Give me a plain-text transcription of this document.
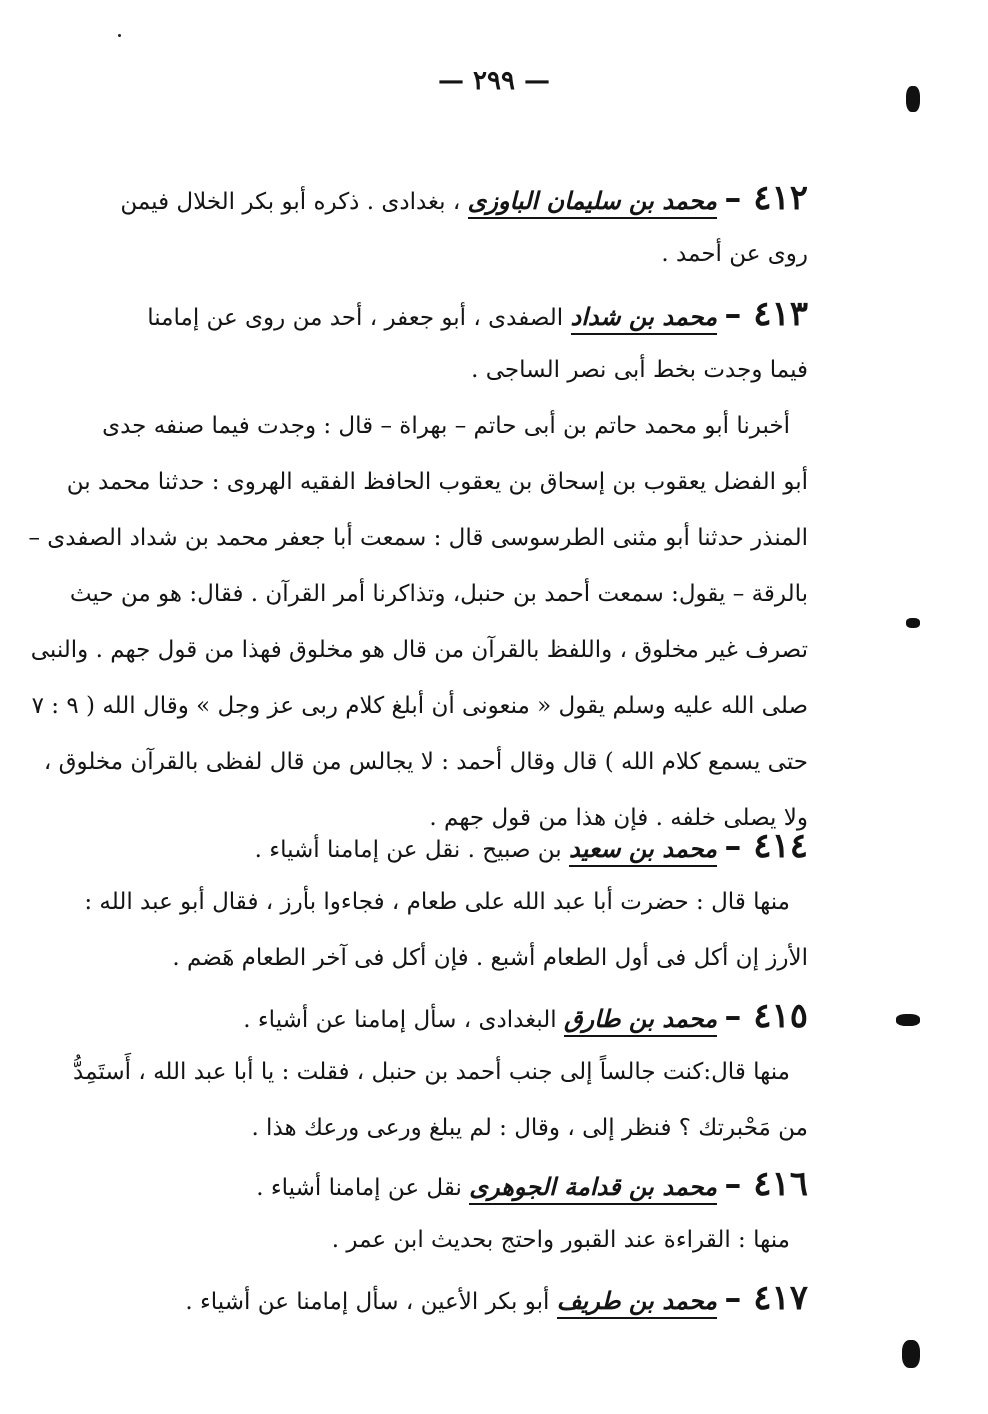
— ٢٩٩ —
٤١٢ – محمد بن سليمان الباوزى ، بغدادى . ذكره أبو بكر الخلال فيمن
روى عن أحمد .
٤١٣ – محمد بن شداد الصفدى ، أبو جعفر ، أحد من روى عن إمامنا
فيما وجدت بخط أبى نصر الساجى .
أخبرنا أبو محمد حاتم بن أبى حاتم – بهراة – قال : وجدت فيما صنفه جدى
أبو الفضل يعقوب بن إسحاق بن يعقوب الحافظ الفقيه الهروى : حدثنا محمد بن
المنذر حدثنا أبو مثنى الطرسوسى قال : سمعت أبا جعفر محمد بن شداد الصفدى –
بالرقة – يقول: سمعت أحمد بن حنبل، وتذاكرنا أمر القرآن . فقال: هو من حيث
تصرف غير مخلوق ، واللفظ بالقرآن من قال هو مخلوق فهذا من قول جهم . والنبى
صلى الله عليه وسلم يقول « منعونى أن أبلغ كلام ربى عز وجل » وقال الله ( ٩ : ٧
حتى يسمع كلام الله ) قال وقال أحمد : لا يجالس من قال لفظى بالقرآن مخلوق ،
ولا يصلى خلفه . فإن هذا من قول جهم .
٤١٤ – محمد بن سعيد بن صبيح . نقل عن إمامنا أشياء .
منها قال : حضرت أبا عبد الله على طعام ، فجاءوا بأرز ، فقال أبو عبد الله :
الأرز إن أكل فى أول الطعام أشبع . فإن أكل فى آخر الطعام هَضم .
٤١٥ – محمد بن طارق البغدادى ، سأل إمامنا عن أشياء .
منها قال:كنت جالساً إلى جنب أحمد بن حنبل ، فقلت : يا أبا عبد الله ، أَستَمِدُّ
من مَحْبرتك ؟ فنظر إلى ، وقال : لم يبلغ ورعى ورعك هذا .
٤١٦ – محمد بن قدامة الجوهرى نقل عن إمامنا أشياء .
منها : القراءة عند القبور واحتج بحديث ابن عمر .
٤١٧ – محمد بن طريف أبو بكر الأعين ، سأل إمامنا عن أشياء .
